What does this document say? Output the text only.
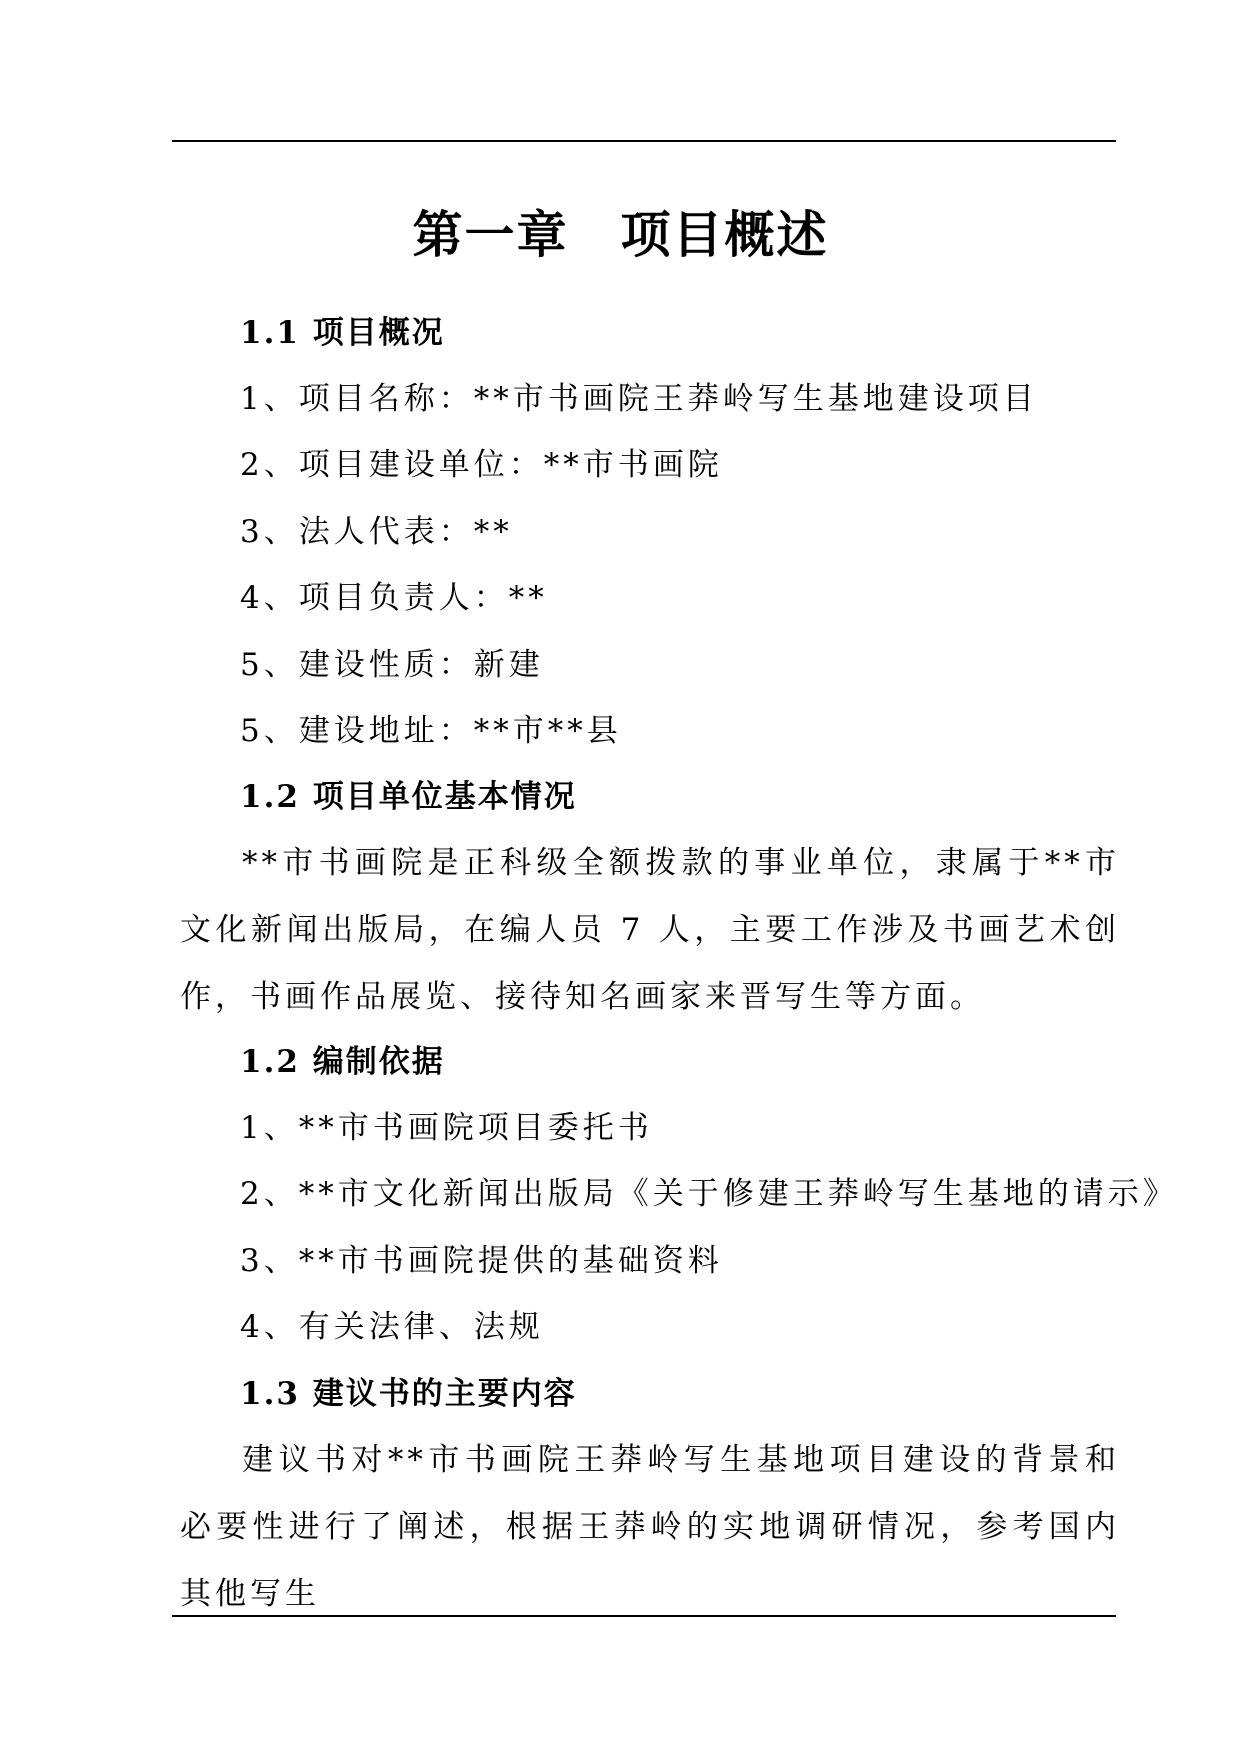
第一章　项目概述
1.1 项目概况
1、项目名称：**市书画院王莽岭写生基地建设项目
2、项目建设单位：**市书画院
3、法人代表：**
4、项目负责人：**
5、建设性质：新建
5、建设地址：**市**县
1.2 项目单位基本情况
**市书画院是正科级全额拨款的事业单位，隶属于**市文化新闻出版局，在编人员 7 人，主要工作涉及书画艺术创作，书画作品展览、接待知名画家来晋写生等方面。
1.2 编制依据
1、**市书画院项目委托书
2、**市文化新闻出版局《关于修建王莽岭写生基地的请示》
3、**市书画院提供的基础资料
4、有关法律、法规
1.3 建议书的主要内容
建议书对**市书画院王莽岭写生基地项目建设的背景和必要性进行了阐述，根据王莽岭的实地调研情况，参考国内其他写生
